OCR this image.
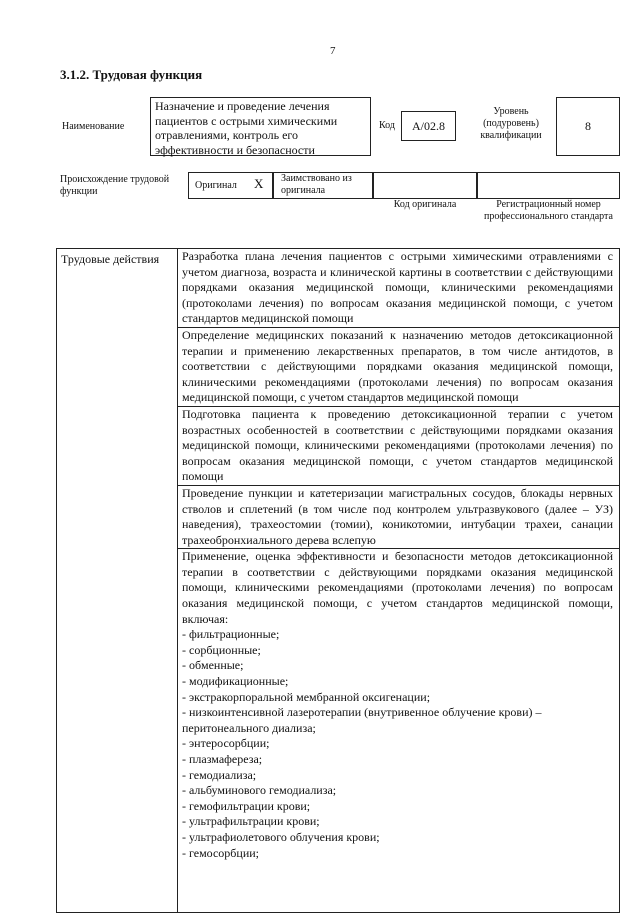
7
3.1.2. Трудовая функция
Наименование
Назначение и проведение лечения пациентов с острыми химическими отравлениями, контроль его эффективности и безопасности
Код	A/02.8
Уровень (подуровень) квалификации
8
Происхождение трудовой функции
Оригинал X Заимствовано из оригинала
Код оригинала	Регистрационный номер профессионального стандарта
Трудовые действия	Разработка плана лечения пациентов с острыми химическими отравлениями с учетом диагноза, возраста и клинической картины в соответствии с действующими порядками оказания медицинской помощи, клиническими рекомендациями (протоколами лечения) по вопросам оказания медицинской помощи, с учетом стандартов медицинской помощи
Определение медицинских показаний к назначению методов детоксикационной терапии и применению лекарственных препаратов, в том числе антидотов, в соответствии с действующими порядками оказания медицинской помощи, клиническими рекомендациями (протоколами лечения) по вопросам оказания медицинской помощи, с учетом стандартов медицинской помощи
Подготовка пациента к проведению детоксикационной терапии с учетом возрастных особенностей в соответствии с действующими порядками оказания медицинской помощи, клиническими рекомендациями (протоколами лечения) по вопросам оказания медицинской помощи, с учетом стандартов медицинской помощи
Проведение пункции и катетеризации магистральных сосудов, блокады нервных стволов и сплетений (в том числе под контролем ультразвукового (далее – УЗ) наведения), трахеостомии (томии), коникотомии, интубации трахеи, санации трахеобронхиального дерева вслепую
Применение, оценка эффективности и безопасности методов детоксикационной терапии в соответствии с действующими порядками оказания медицинской помощи, клиническими рекомендациями (протоколами лечения) по вопросам оказания медицинской помощи, с учетом стандартов медицинской помощи, включая:
- фильтрационные;
- сорбционные;
- обменные;
- модификационные;
- экстракорпоральной мембранной оксигенации;
- низкоинтенсивной лазеротерапии (внутривенное облучение крови) – перитонеального диализа;
- энтеросорбции;
- плазмафереза;
- гемодиализа;
- альбуминового гемодиализа;
- гемофильтрации крови;
- ультрафильтрации крови;
- ультрафиолетового облучения крови;
- гемосорбции;
